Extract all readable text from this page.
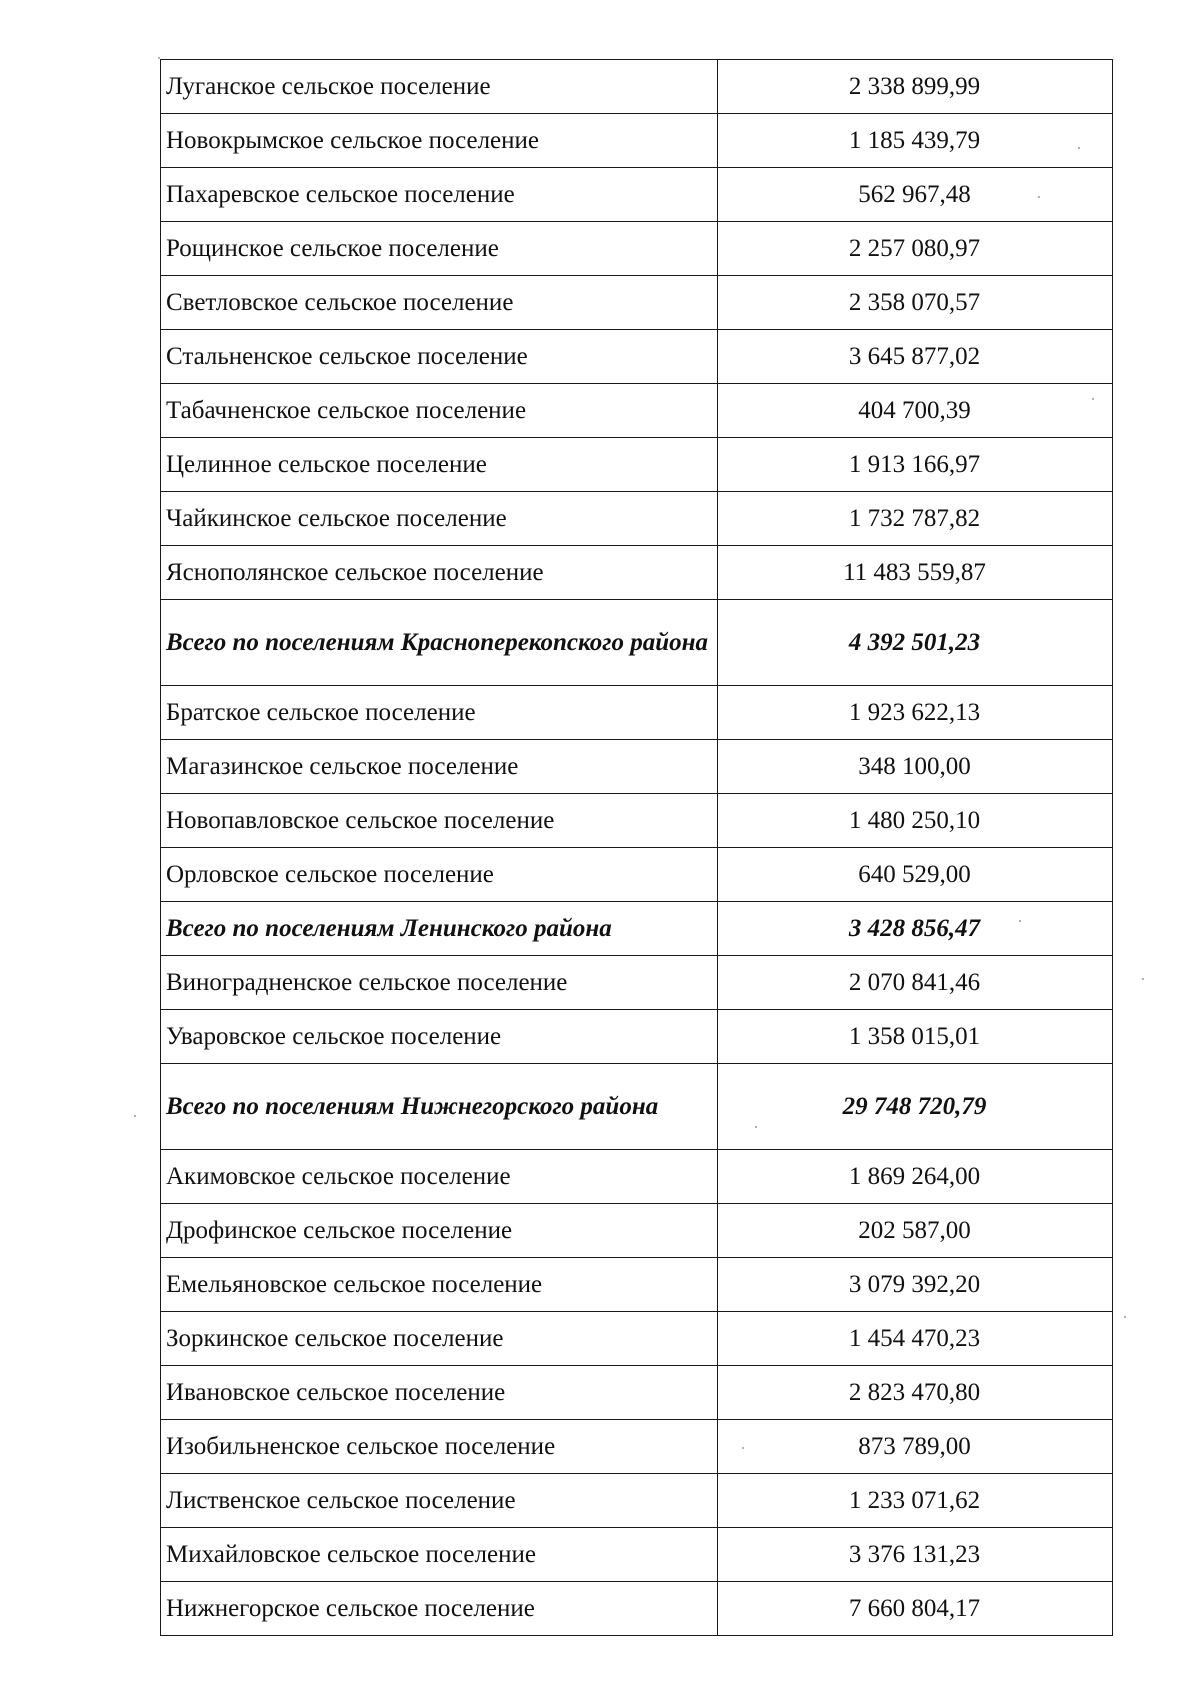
Луганское сельское поселение	2 338 899,99
Новокрымское сельское поселение	1 185 439,79
Пахаревское сельское поселение	562 967,48
Рощинское сельское поселение	2 257 080,97
Светловское сельское поселение	2 358 070,57
Стальненское сельское поселение	3 645 877,02
Табачненское сельское поселение	404 700,39
Целинное сельское поселение	1 913 166,97
Чайкинское сельское поселение	1 732 787,82
Яснополянское сельское поселение	11 483 559,87
Всего по поселениям Красноперекопского района	4 392 501,23
Братское сельское поселение	1 923 622,13
Магазинское сельское поселение	348 100,00
Новопавловское сельское поселение	1 480 250,10
Орловское сельское поселение	640 529,00
Всего по поселениям Ленинского района	3 428 856,47
Виноградненское сельское поселение	2 070 841,46
Уваровское сельское поселение	1 358 015,01
Всего по поселениям Нижнегорского района	29 748 720,79
Акимовское сельское поселение	1 869 264,00
Дрофинское сельское поселение	202 587,00
Емельяновское сельское поселение	3 079 392,20
Зоркинское сельское поселение	1 454 470,23
Ивановское сельское поселение	2 823 470,80
Изобильненское сельское поселение	873 789,00
Лиственское сельское поселение	1 233 071,62
Михайловское сельское поселение	3 376 131,23
Нижнегорское сельское поселение	7 660 804,17
